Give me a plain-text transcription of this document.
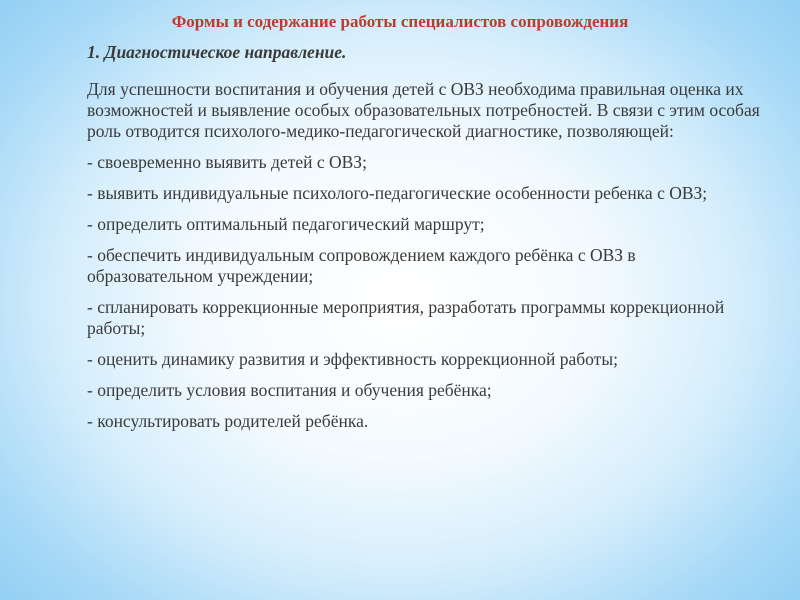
Формы и содержание работы специалистов сопровождения

1. Диагностическое направление.

Для успешности воспитания и обучения детей с ОВЗ необходима правильная оценка их возможностей и выявление особых образовательных потребностей. В связи с этим особая роль отводится психолого-медико-педагогической диагностике, позволяющей:

- своевременно выявить детей с ОВЗ;

- выявить индивидуальные психолого-педагогические особенности ребенка с ОВЗ;

- определить оптимальный педагогический маршрут;

- обеспечить индивидуальным сопровождением каждого ребёнка с ОВЗ в образовательном учреждении;

- спланировать коррекционные мероприятия, разработать программы коррекционной работы;

- оценить динамику развития и эффективность коррекционной работы;

- определить условия воспитания и обучения ребёнка;

- консультировать родителей ребёнка.
